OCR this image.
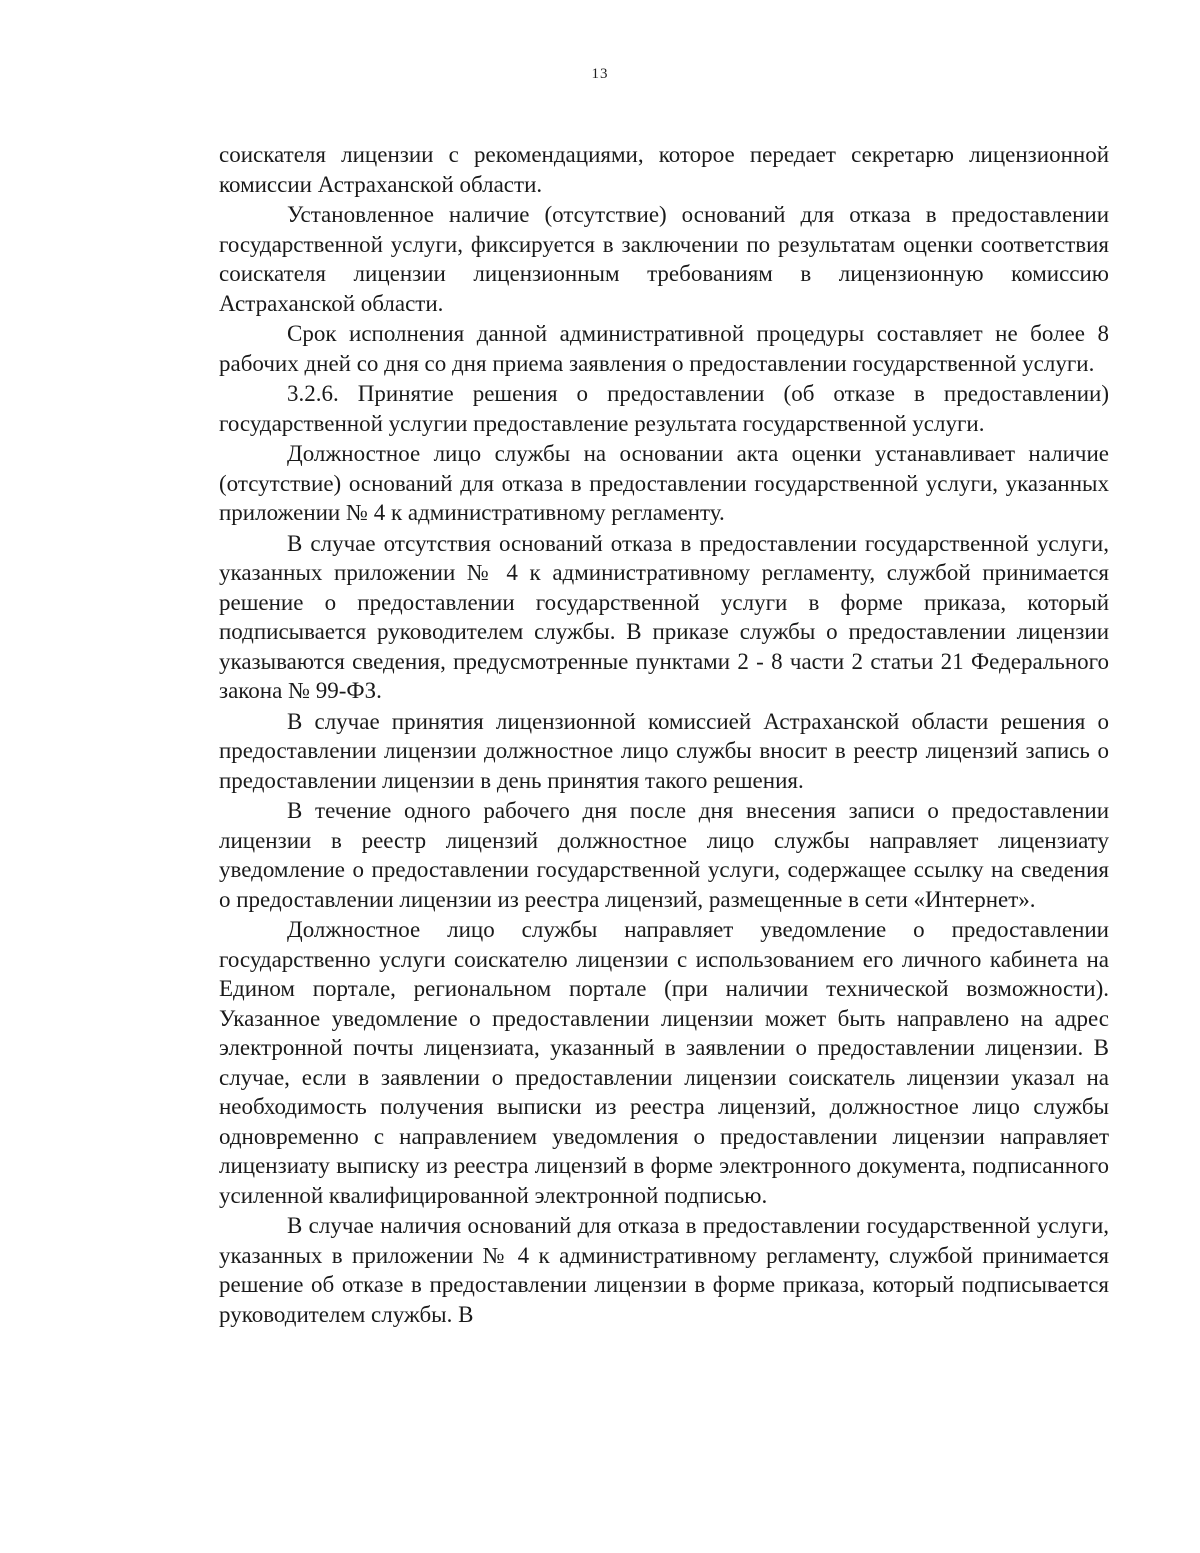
13

соискателя лицензии с рекомендациями, которое передает секретарю лицензионной комиссии Астраханской области.

Установленное наличие (отсутствие) оснований для отказа в предоставлении государственной услуги, фиксируется в заключении по результатам оценки соответствия соискателя лицензии лицензионным требованиям в лицензионную комиссию Астраханской области.

Срок исполнения данной административной процедуры составляет не более 8 рабочих дней со дня со дня приема заявления о предоставлении государственной услуги.

3.2.6. Принятие решения о предоставлении (об отказе в предоставлении) государственной услугии предоставление результата государственной услуги.

Должностное лицо службы на основании акта оценки устанавливает наличие (отсутствие) оснований для отказа в предоставлении государственной услуги, указанных приложении № 4 к административному регламенту.

В случае отсутствия оснований отказа в предоставлении государственной услуги, указанных приложении № 4 к административному регламенту, службой принимается решение о предоставлении государственной услуги в форме приказа, который подписывается руководителем службы. В приказе службы о предоставлении лицензии указываются сведения, предусмотренные пунктами 2 - 8 части 2 статьи 21 Федерального закона № 99-ФЗ.

В случае принятия лицензионной комиссией Астраханской области решения о предоставлении лицензии должностное лицо службы вносит в реестр лицензий запись о предоставлении лицензии в день принятия такого решения.

В течение одного рабочего дня после дня внесения записи о предоставлении лицензии в реестр лицензий должностное лицо службы направляет лицензиату уведомление о предоставлении государственной услуги, содержащее ссылку на сведения о предоставлении лицензии из реестра лицензий, размещенные в сети «Интернет».

Должностное лицо службы направляет уведомление о предоставлении государственно услуги соискателю лицензии с использованием его личного кабинета на Едином портале, региональном портале (при наличии технической возможности). Указанное уведомление о предоставлении лицензии может быть направлено на адрес электронной почты лицензиата, указанный в заявлении о предоставлении лицензии. В случае, если в заявлении о предоставлении лицензии соискатель лицензии указал на необходимость получения выписки из реестра лицензий, должностное лицо службы одновременно с направлением уведомления о предоставлении лицензии направляет лицензиату выписку из реестра лицензий в форме электронного документа, подписанного усиленной квалифицированной электронной подписью.

В случае наличия оснований для отказа в предоставлении государственной услуги, указанных в приложении № 4 к административному регламенту, службой принимается решение об отказе в предоставлении лицензии в форме приказа, который подписывается руководителем службы. В
